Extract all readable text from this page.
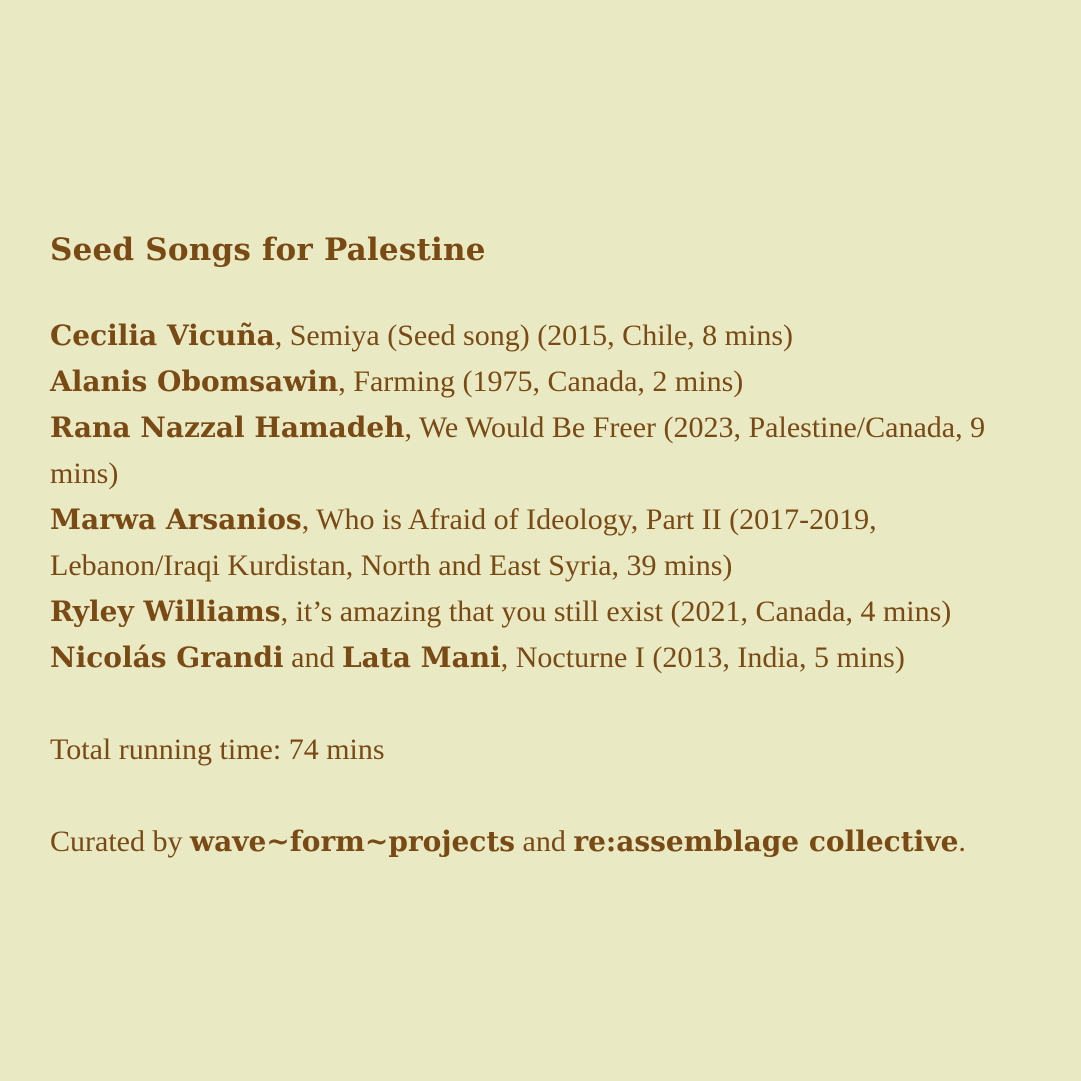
Seed Songs for Palestine
Cecilia Vicuña, Semiya (Seed song) (2015, Chile, 8 mins)
Alanis Obomsawin, Farming (1975, Canada, 2 mins)
Rana Nazzal Hamadeh, We Would Be Freer (2023, Palestine/Canada, 9 mins)
Marwa Arsanios, Who is Afraid of Ideology, Part II (2017-2019, Lebanon/Iraqi Kurdistan, North and East Syria, 39 mins)
Ryley Williams, it’s amazing that you still exist (2021, Canada, 4 mins)
Nicolás Grandi and Lata Mani, Nocturne I (2013, India, 5 mins)

Total running time: 74 mins

Curated by wave~form~projects and re:assemblage collective.
